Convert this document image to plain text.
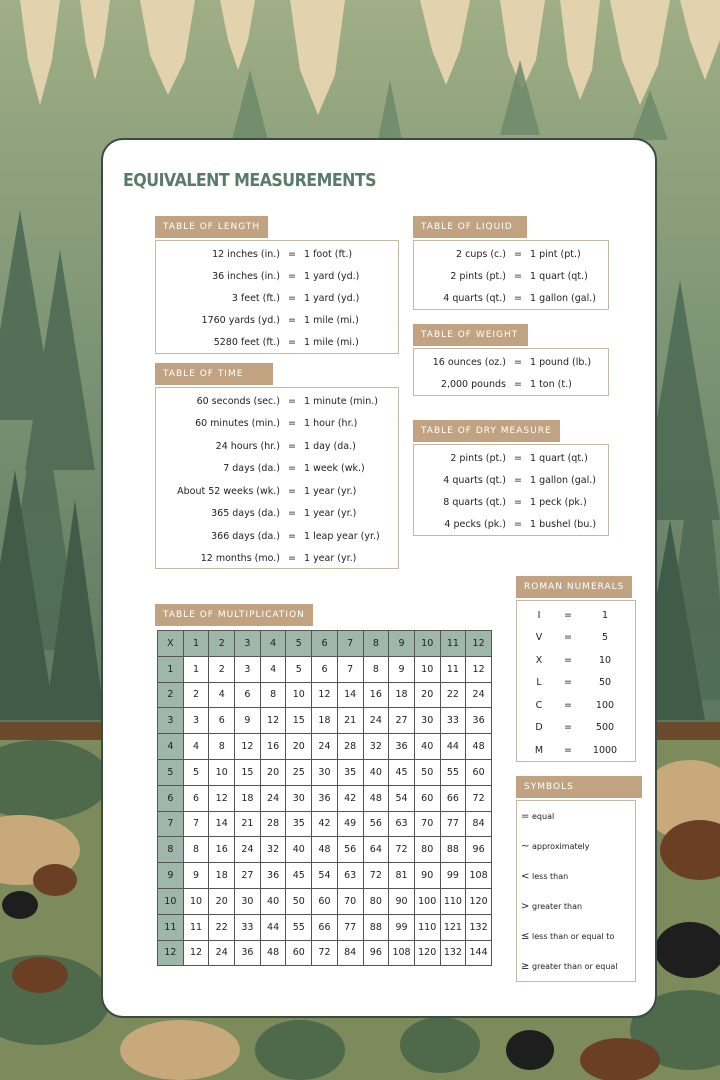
EQUIVALENT MEASUREMENTS
TABLE OF LENGTH
12 inches (in.) = 1 foot (ft.)
36 inches (in.) = 1 yard (yd.)
3 feet (ft.) = 1 yard (yd.)
1760 yards (yd.) = 1 mile (mi.)
5280 feet (ft.) = 1 mile (mi.)
TABLE OF TIME
60 seconds (sec.) = 1 minute (min.)
60 minutes (min.) = 1 hour (hr.)
24 hours (hr.) = 1 day (da.)
7 days (da.) = 1 week (wk.)
About 52 weeks (wk.) = 1 year (yr.)
365 days (da.) = 1 year (yr.)
366 days (da.) = 1 leap year (yr.)
12 months (mo.) = 1 year (yr.)
TABLE OF LIQUID
2 cups (c.) = 1 pint (pt.)
2 pints (pt.) = 1 quart (qt.)
4 quarts (qt.) = 1 gallon (gal.)
TABLE OF WEIGHT
16 ounces (oz.) = 1 pound (lb.)
2,000 pounds = 1 ton (t.)
TABLE OF DRY MEASURE
2 pints (pt.) = 1 quart (qt.)
4 quarts (qt.) = 1 gallon (gal.)
8 quarts (qt.) = 1 peck (pk.)
4 pecks (pk.) = 1 bushel (bu.)
ROMAN NUMERALS
I	=	1
V	=	5
X	=	10
L	=	50
C	=	100
D	=	500
M	=	1000
SYMBOLS
= equal
~ approximately
< less than
> greater than
≤ less than or equal to
≥ greater than or equal
TABLE OF MULTIPLICATION
X	1	2	3	4	5	6	7	8	9	10	11	12
1	1	2	3	4	5	6	7	8	9	10	11	12
2	2	4	6	8	10	12	14	16	18	20	22	24
3	3	6	9	12	15	18	21	24	27	30	33	36
4	4	8	12	16	20	24	28	32	36	40	44	48
5	5	10	15	20	25	30	35	40	45	50	55	60
6	6	12	18	24	30	36	42	48	54	60	66	72
7	7	14	21	28	35	42	49	56	63	70	77	84
8	8	16	24	32	40	48	56	64	72	80	88	96
9	9	18	27	36	45	54	63	72	81	90	99	108
10	10	20	30	40	50	60	70	80	90	100	110	120
11	11	22	33	44	55	66	77	88	99	110	121	132
12	12	24	36	48	60	72	84	96	108	120	132	144
